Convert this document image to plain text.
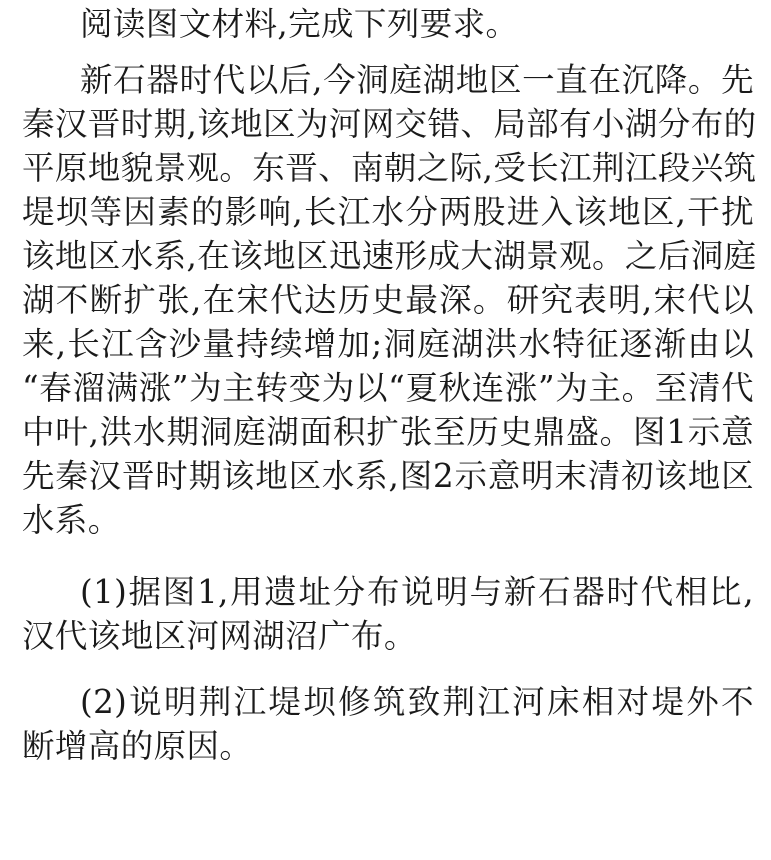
阅读图文材料,完成下列要求。
新石器时代以后,今洞庭湖地区一直在沉降。先
秦汉晋时期,该地区为河网交错、局部有小湖分布的
平原地貌景观。东晋、南朝之际,受长江荆江段兴筑
堤坝等因素的影响,长江水分两股进入该地区,干扰
该地区水系,在该地区迅速形成大湖景观。之后洞庭
湖不断扩张,在宋代达历史最深。研究表明,宋代以
来,长江含沙量持续增加;洞庭湖洪水特征逐渐由以
“春溜满涨”为主转变为以“夏秋连涨”为主。至清代
中叶,洪水期洞庭湖面积扩张至历史鼎盛。图1示意
先秦汉晋时期该地区水系,图2示意明末清初该地区
水系。
(1)据图1,用遗址分布说明与新石器时代相比,
汉代该地区河网湖沼广布。
(2)说明荆江堤坝修筑致荆江河床相对堤外不
断增高的原因。
